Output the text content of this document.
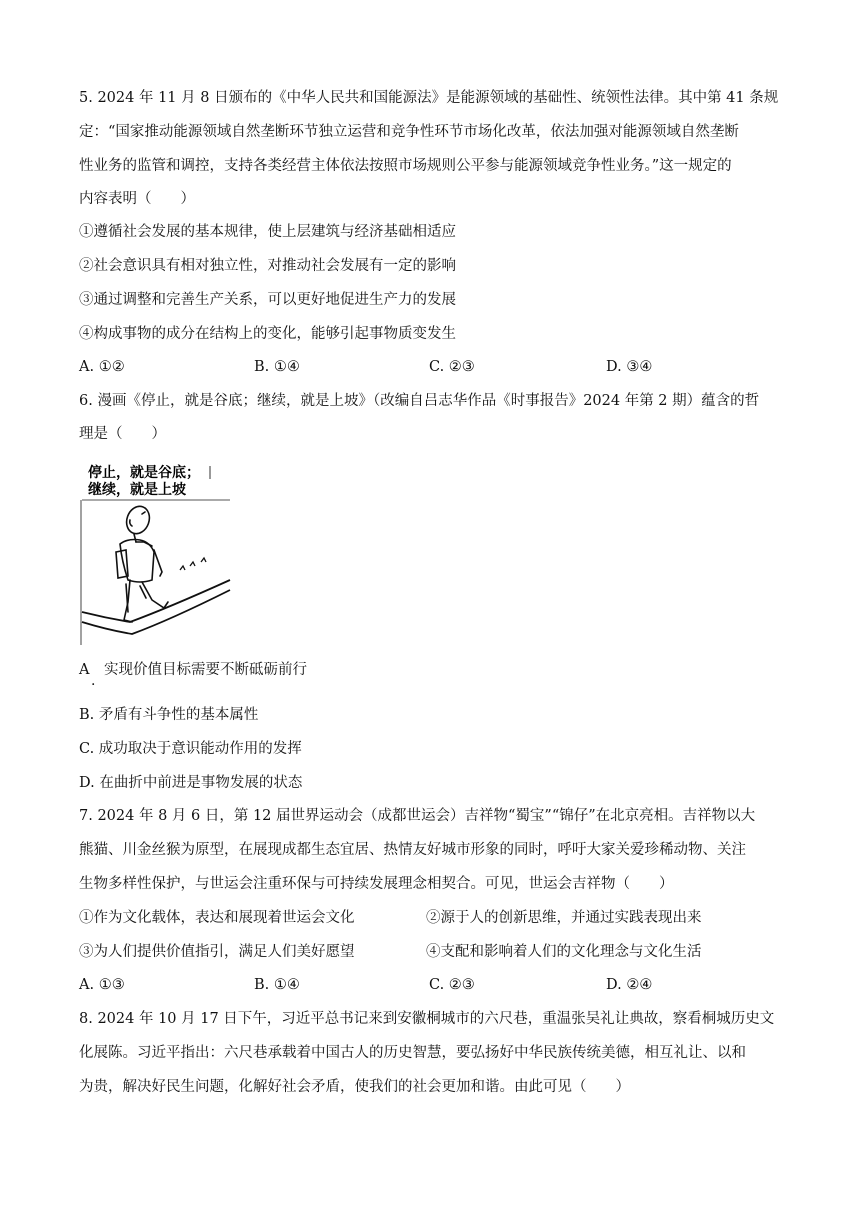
5. 2024 年 11 月 8 日颁布的《中华人民共和国能源法》是能源领域的基础性、统领性法律。其中第 41 条规
定：“国家推动能源领域自然垄断环节独立运营和竞争性环节市场化改革，依法加强对能源领域自然垄断
性业务的监管和调控，支持各类经营主体依法按照市场规则公平参与能源领域竞争性业务。”这一规定的
内容表明（　　）
①遵循社会发展的基本规律，使上层建筑与经济基础相适应
②社会意识具有相对独立性，对推动社会发展有一定的影响
③通过调整和完善生产关系，可以更好地促进生产力的发展
④构成事物的成分在结构上的变化，能够引起事物质变发生
A. ①②	B. ①④	C. ②③	D. ③④
6. 漫画《停止，就是谷底；继续，就是上坡》（改编自吕志华作品《时事报告》2024 年第 2 期）蕴含的哲
理是（　　）
停止，就是谷底；
继续，就是上坡
A　实现价值目标需要不断砥砺前行
·
B. 矛盾有斗争性的基本属性
C. 成功取决于意识能动作用的发挥
D. 在曲折中前进是事物发展的状态
7. 2024 年 8 月 6 日，第 12 届世界运动会（成都世运会）吉祥物“蜀宝”“锦仔”在北京亮相。吉祥物以大
熊猫、川金丝猴为原型，在展现成都生态宜居、热情友好城市形象的同时，呼吁大家关爱珍稀动物、关注
生物多样性保护，与世运会注重环保与可持续发展理念相契合。可见，世运会吉祥物（　　）
①作为文化载体，表达和展现着世运会文化	②源于人的创新思维，并通过实践表现出来
③为人们提供价值指引，满足人们美好愿望	④支配和影响着人们的文化理念与文化生活
A. ①③	B. ①④	C. ②③	D. ②④
8. 2024 年 10 月 17 日下午，习近平总书记来到安徽桐城市的六尺巷，重温张吴礼让典故，察看桐城历史文
化展陈。习近平指出：六尺巷承载着中国古人的历史智慧，要弘扬好中华民族传统美德，相互礼让、以和
为贵，解决好民生问题，化解好社会矛盾，使我们的社会更加和谐。由此可见（　　）
